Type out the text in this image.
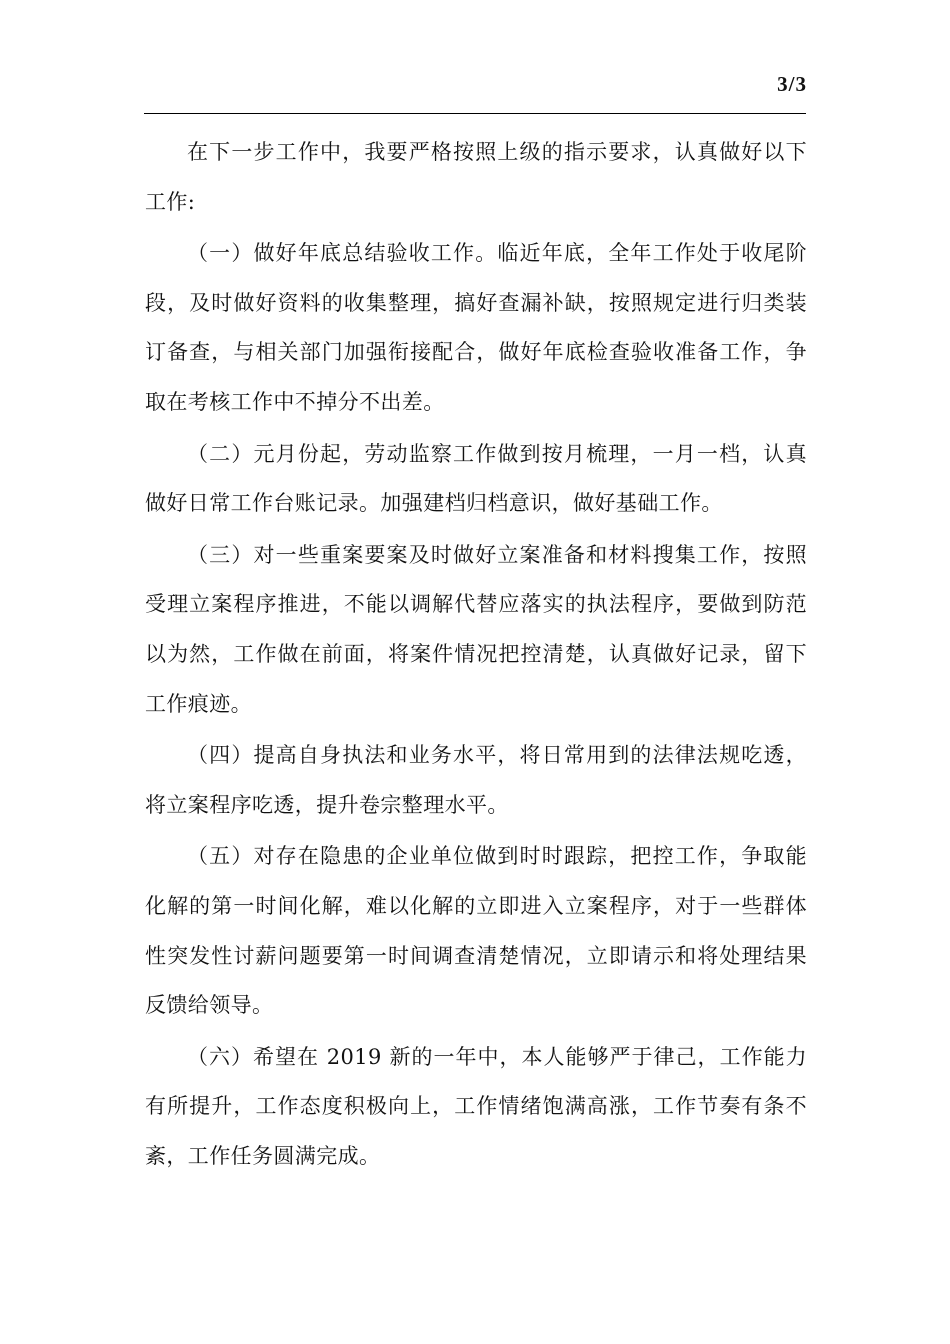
3/3

在下一步工作中，我要严格按照上级的指示要求，认真做好以下工作:

（一）做好年底总结验收工作。临近年底，全年工作处于收尾阶段，及时做好资料的收集整理，搞好查漏补缺，按照规定进行归类装订备查，与相关部门加强衔接配合，做好年底检查验收准备工作，争取在考核工作中不掉分不出差。

（二）元月份起，劳动监察工作做到按月梳理，一月一档，认真做好日常工作台账记录。加强建档归档意识，做好基础工作。

（三）对一些重案要案及时做好立案准备和材料搜集工作，按照受理立案程序推进，不能以调解代替应落实的执法程序，要做到防范以为然，工作做在前面，将案件情况把控清楚，认真做好记录，留下工作痕迹。

（四）提高自身执法和业务水平，将日常用到的法律法规吃透，将立案程序吃透，提升卷宗整理水平。

（五）对存在隐患的企业单位做到时时跟踪，把控工作，争取能化解的第一时间化解，难以化解的立即进入立案程序，对于一些群体性突发性讨薪问题要第一时间调查清楚情况，立即请示和将处理结果反馈给领导。

（六）希望在 2019 新的一年中，本人能够严于律己，工作能力有所提升，工作态度积极向上，工作情绪饱满高涨，工作节奏有条不紊，工作任务圆满完成。
